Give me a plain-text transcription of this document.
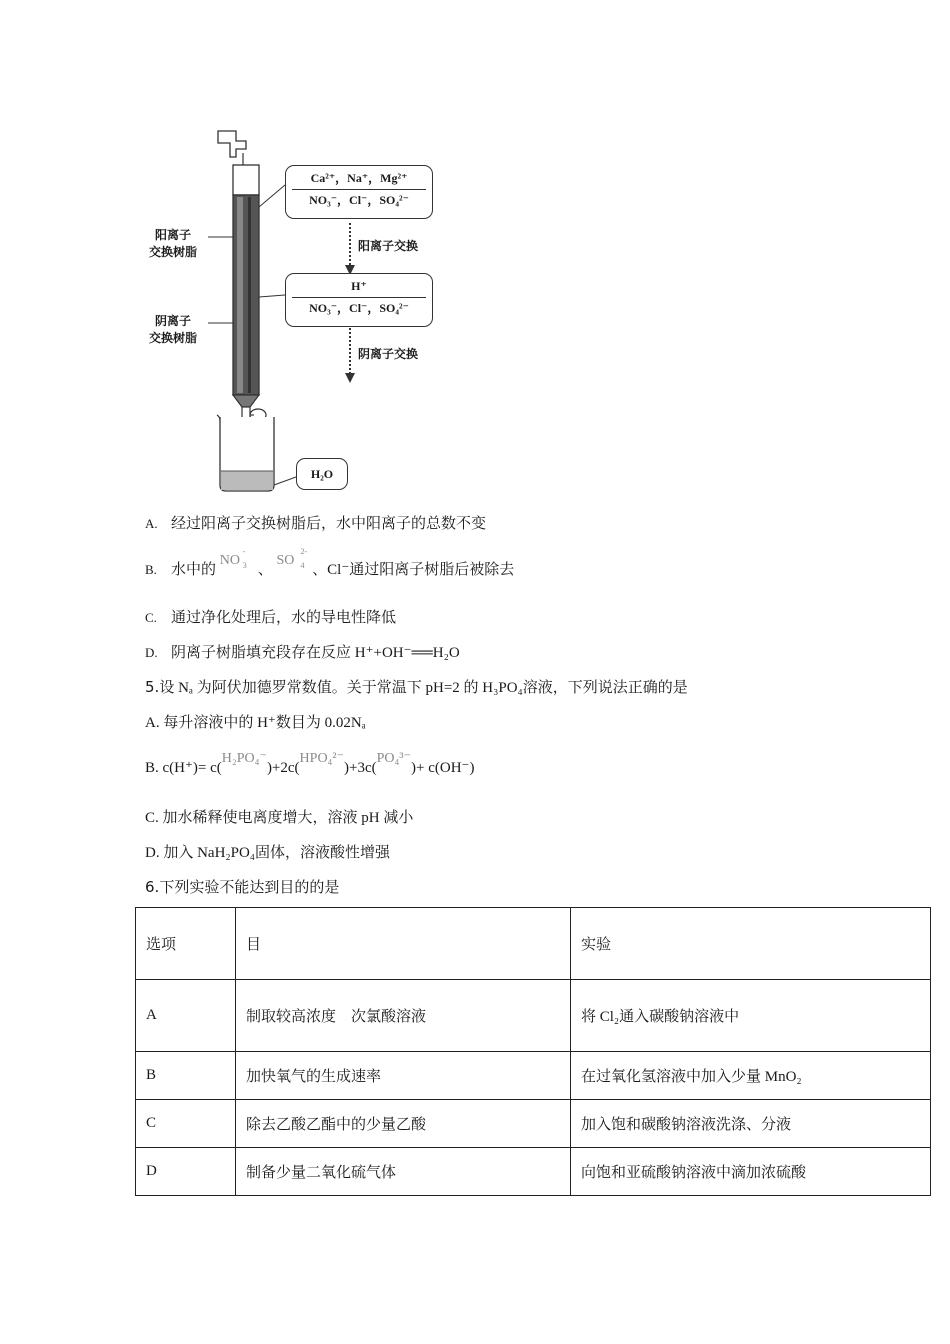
阳离子
交换树脂
阴离子
交换树脂
Ca²⁺，Na⁺，Mg²⁺
NO₃⁻，Cl⁻，SO₄²⁻
阳离子交换
H⁺
NO₃⁻，Cl⁻，SO₄²⁻
阴离子交换
H₂O
A. 经过阳离子交换树脂后，水中阳离子的总数不变
B. 水中的 NO
-
3 、 SO
2-
4 、Cl⁻通过阳离子树脂后被除去
C. 通过净化处理后，水的导电性降低
D. 阴离子树脂填充段存在反应 H⁺+OH⁻══H₂O
5.设 Nₐ 为阿伏加德罗常数值。关于常温下 pH=2 的 H₃PO₄溶液，下列说法正确的是
A. 每升溶液中的 H⁺数目为 0.02Nₐ
B. c(H⁺)= c(H₂PO₄⁻)+2c(HPO₄²⁻)+3c(PO₄³⁻)+ c(OH⁻)
C. 加水稀释使电离度增大，溶液 pH 减小
D. 加入 NaH₂PO₄固体，溶液酸性增强
6.下列实验不能达到目的的是
选项	目	实验
A	制取较高浓度　次氯酸溶液	将 Cl₂通入碳酸钠溶液中
B	加快氧气的生成速率	在过氧化氢溶液中加入少量 MnO₂
C	除去乙酸乙酯中的少量乙酸	加入饱和碳酸钠溶液洗涤、分液
D	制备少量二氧化硫气体	向饱和亚硫酸钠溶液中滴加浓硫酸
